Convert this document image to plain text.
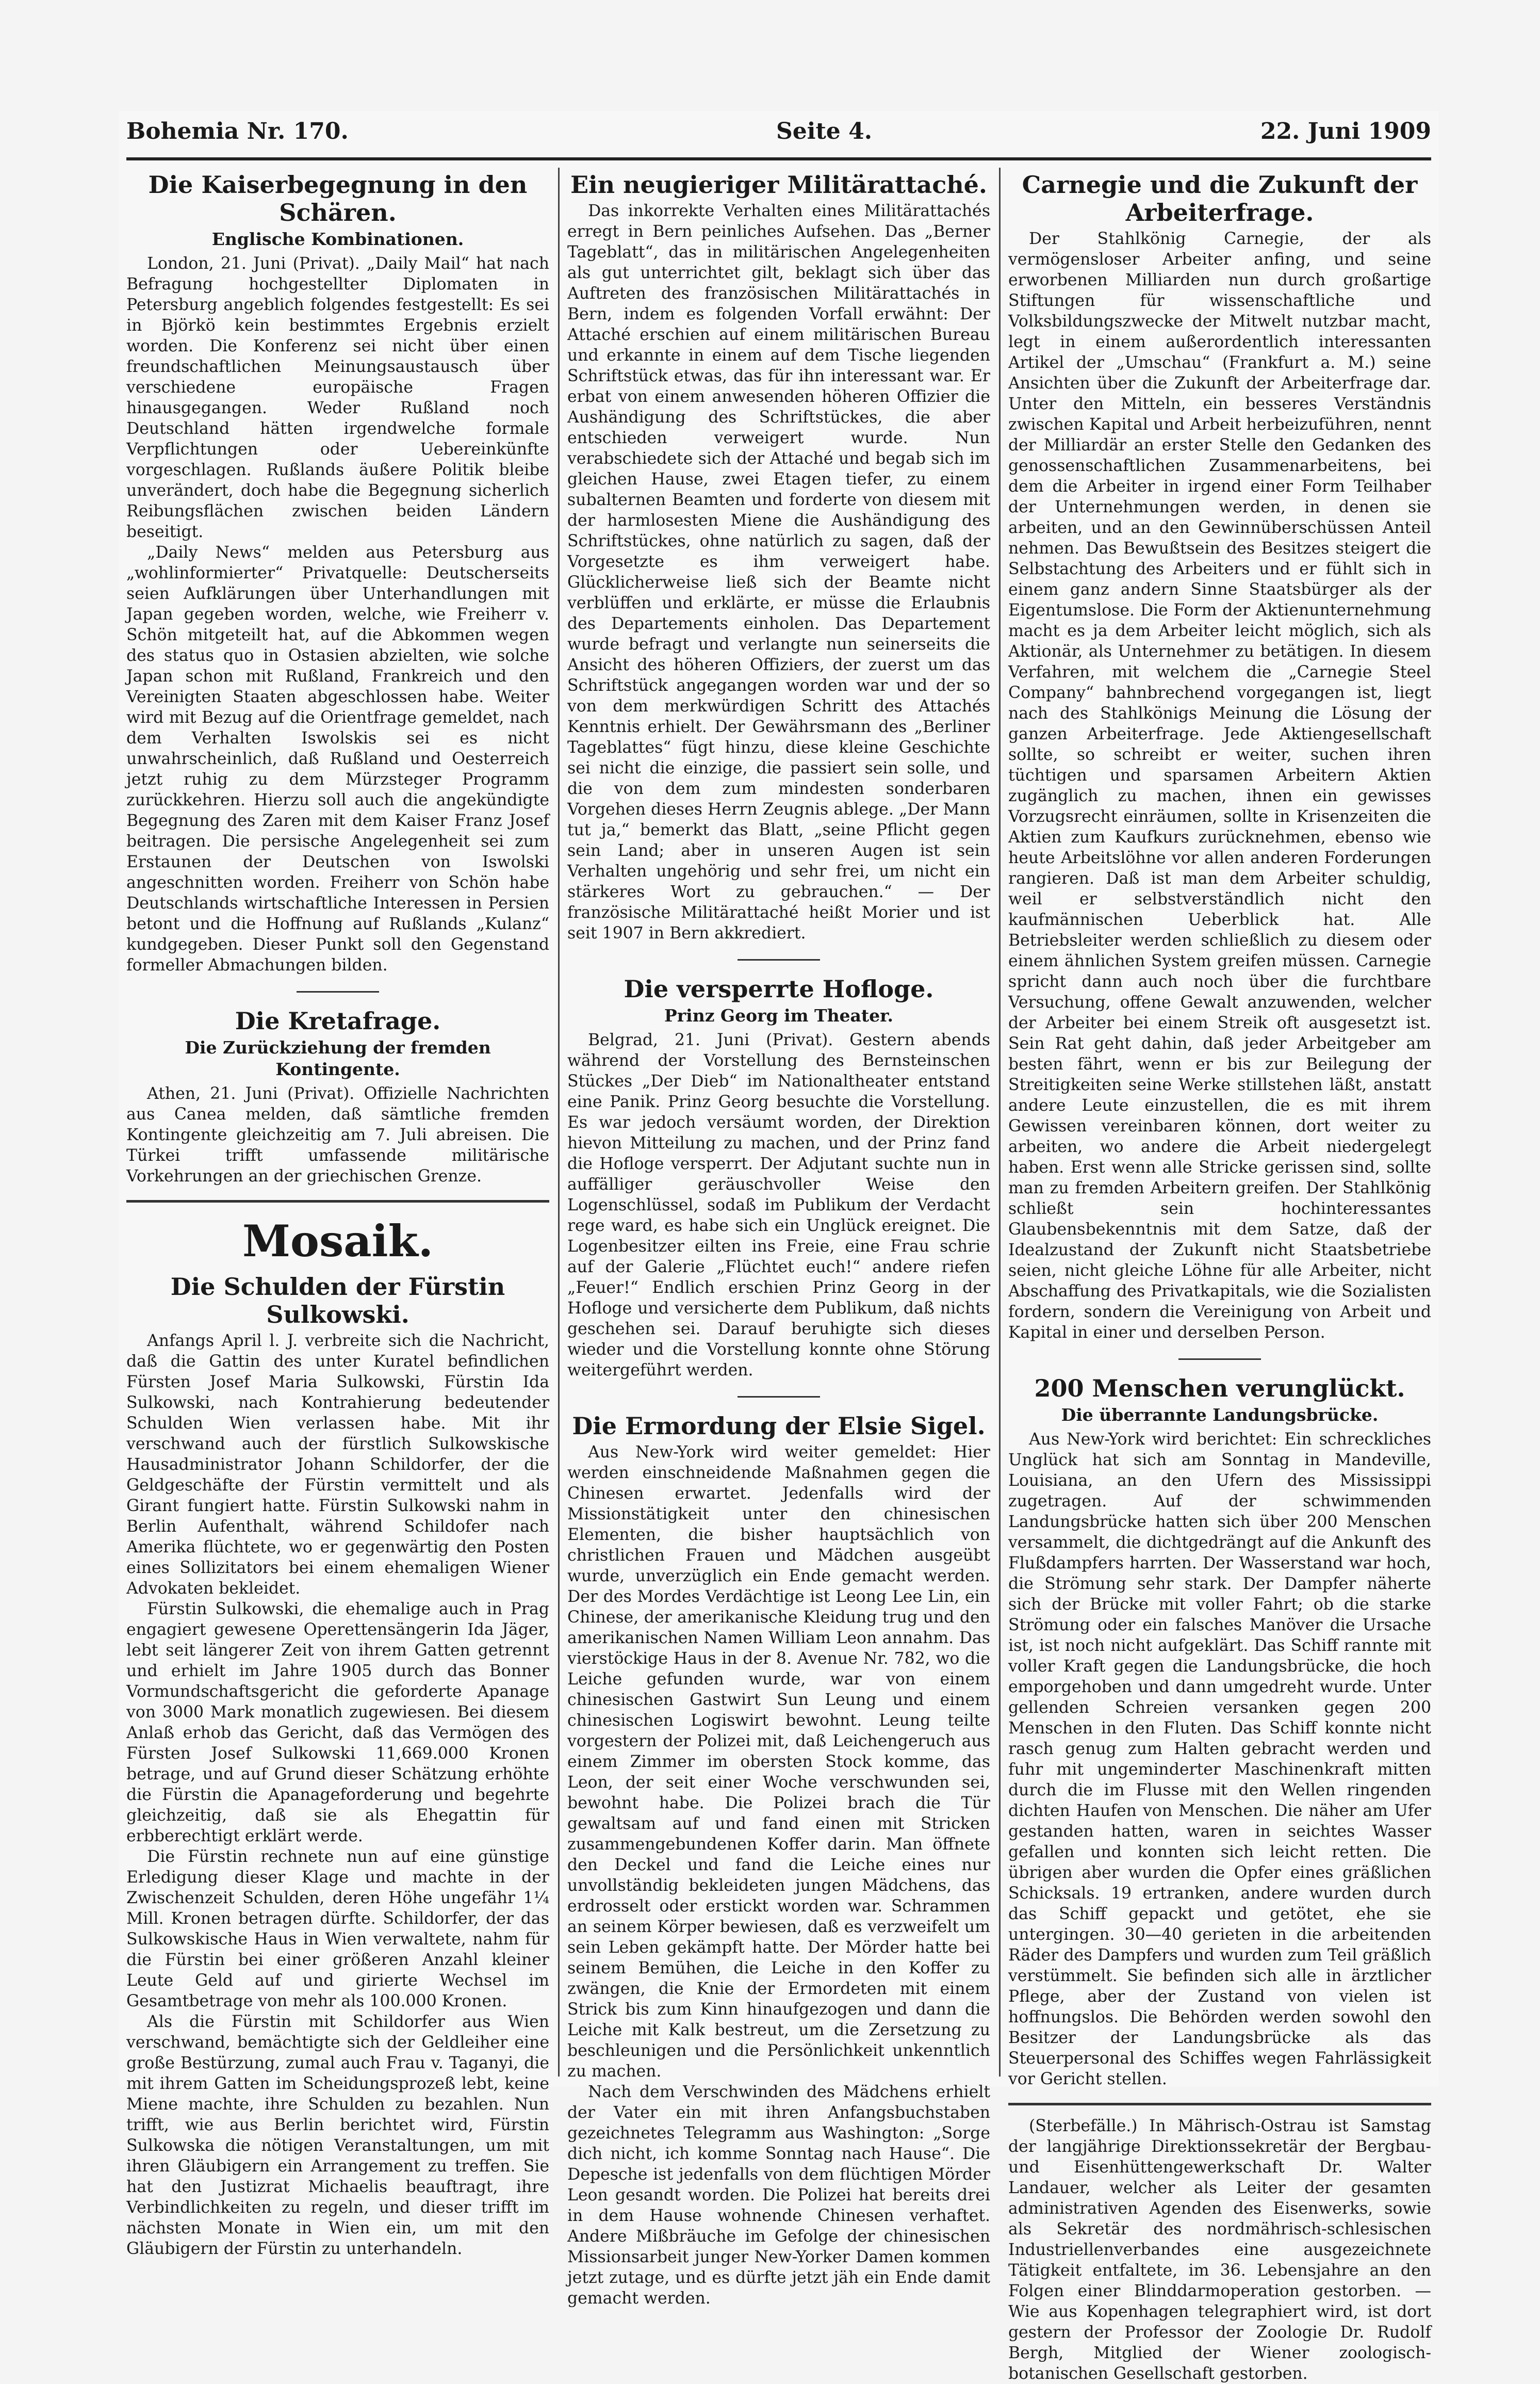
Bohemia Nr. 170.	Seite 4.	22. Juni 1909
Die Kaiserbegegnung in den Schären.
Englische Kombinationen.

London, 21. Juni (Privat). „Daily Mail“ hat nach Befragung hochgestellter Diplomaten in Petersburg angeblich folgendes festgestellt: Es sei in Björkö kein bestimmtes Ergebnis erzielt worden. Die Konferenz sei nicht über einen freundschaftlichen Meinungsaustausch über verschiedene europäische Fragen hinausgegangen. Weder Rußland noch Deutschland hätten irgendwelche formale Verpflichtungen oder Uebereinkünfte vorgeschlagen. Rußlands äußere Politik bleibe unverändert, doch habe die Begegnung sicherlich Reibungsflächen zwischen beiden Ländern beseitigt.

„Daily News“ melden aus Petersburg aus „wohlinformierter“ Privatquelle: Deutscherseits seien Aufklärungen über Unterhandlungen mit Japan gegeben worden, welche, wie Freiherr v. Schön mitgeteilt hat, auf die Abkommen wegen des status quo in Ostasien abzielten, wie solche Japan schon mit Rußland, Frankreich und den Vereinigten Staaten abgeschlossen habe. Weiter wird mit Bezug auf die Orientfrage gemeldet, nach dem Verhalten Iswolskis sei es nicht unwahrscheinlich, daß Rußland und Oesterreich jetzt ruhig zu dem Mürzsteger Programm zurückkehren. Hierzu soll auch die angekündigte Begegnung des Zaren mit dem Kaiser Franz Josef beitragen. Die persische Angelegenheit sei zum Erstaunen der Deutschen von Iswolski angeschnitten worden. Freiherr von Schön habe Deutschlands wirtschaftliche Interessen in Persien betont und die Hoffnung auf Rußlands „Kulanz“ kundgegeben. Dieser Punkt soll den Gegenstand formeller Abmachungen bilden.

Die Kretafrage.
Die Zurückziehung der fremden Kontingente.

Athen, 21. Juni (Privat). Offizielle Nachrichten aus Canea melden, daß sämtliche fremden Kontingente gleichzeitig am 7. Juli abreisen. Die Türkei trifft umfassende militärische Vorkehrungen an der griechischen Grenze.

Mosaik.
Die Schulden der Fürstin Sulkowski.

Anfangs April l. J. verbreite sich die Nachricht, daß die Gattin des unter Kuratel befindlichen Fürsten Josef Maria Sulkowski, Fürstin Ida Sulkowski, nach Kontrahierung bedeutender Schulden Wien verlassen habe. Mit ihr verschwand auch der fürstlich Sulkowskische Hausadministrator Johann Schildorfer, der die Geldgeschäfte der Fürstin vermittelt und als Girant fungiert hatte. Fürstin Sulkowski nahm in Berlin Aufenthalt, während Schildofer nach Amerika flüchtete, wo er gegenwärtig den Posten eines Sollizitators bei einem ehemaligen Wiener Advokaten bekleidet.

Fürstin Sulkowski, die ehemalige auch in Prag engagiert gewesene Operettensängerin Ida Jäger, lebt seit längerer Zeit von ihrem Gatten getrennt und erhielt im Jahre 1905 durch das Bonner Vormundschaftsgericht die geforderte Apanage von 3000 Mark monatlich zugewiesen. Bei diesem Anlaß erhob das Gericht, daß das Vermögen des Fürsten Josef Sulkowski 11,669.000 Kronen betrage, und auf Grund dieser Schätzung erhöhte die Fürstin die Apanageforderung und begehrte gleichzeitig, daß sie als Ehegattin für erbberechtigt erklärt werde.

Die Fürstin rechnete nun auf eine günstige Erledigung dieser Klage und machte in der Zwischenzeit Schulden, deren Höhe ungefähr 1¼ Mill. Kronen betragen dürfte. Schildorfer, der das Sulkowskische Haus in Wien verwaltete, nahm für die Fürstin bei einer größeren Anzahl kleiner Leute Geld auf und girierte Wechsel im Gesamtbetrage von mehr als 100.000 Kronen.

Als die Fürstin mit Schildorfer aus Wien verschwand, bemächtigte sich der Geldleiher eine große Bestürzung, zumal auch Frau v. Taganyi, die mit ihrem Gatten im Scheidungsprozeß lebt, keine Miene machte, ihre Schulden zu bezahlen. Nun trifft, wie aus Berlin berichtet wird, Fürstin Sulkowska die nötigen Veranstaltungen, um mit ihren Gläubigern ein Arrangement zu treffen. Sie hat den Justizrat Michaelis beauftragt, ihre Verbindlichkeiten zu regeln, und dieser trifft im nächsten Monate in Wien ein, um mit den Gläubigern der Fürstin zu unterhandeln.

Ein neugieriger Militärattaché.

Das inkorrekte Verhalten eines Militärattachés erregt in Bern peinliches Aufsehen. Das „Berner Tageblatt“, das in militärischen Angelegenheiten als gut unterrichtet gilt, beklagt sich über das Auftreten des französischen Militärattachés in Bern, indem es folgenden Vorfall erwähnt: Der Attaché erschien auf einem militärischen Bureau und erkannte in einem auf dem Tische liegenden Schriftstück etwas, das für ihn interessant war. Er erbat von einem anwesenden höheren Offizier die Aushändigung des Schriftstückes, die aber entschieden verweigert wurde. Nun verabschiedete sich der Attaché und begab sich im gleichen Hause, zwei Etagen tiefer, zu einem subalternen Beamten und forderte von diesem mit der harmlosesten Miene die Aushändigung des Schriftstückes, ohne natürlich zu sagen, daß der Vorgesetzte es ihm verweigert habe. Glücklicherweise ließ sich der Beamte nicht verblüffen und erklärte, er müsse die Erlaubnis des Departements einholen. Das Departement wurde befragt und verlangte nun seinerseits die Ansicht des höheren Offiziers, der zuerst um das Schriftstück angegangen worden war und der so von dem merkwürdigen Schritt des Attachés Kenntnis erhielt. Der Gewährsmann des „Berliner Tageblattes“ fügt hinzu, diese kleine Geschichte sei nicht die einzige, die passiert sein solle, und die von dem zum mindesten sonderbaren Vorgehen dieses Herrn Zeugnis ablege. „Der Mann tut ja,“ bemerkt das Blatt, „seine Pflicht gegen sein Land; aber in unseren Augen ist sein Verhalten ungehörig und sehr frei, um nicht ein stärkeres Wort zu gebrauchen.“ — Der französische Militärattaché heißt Morier und ist seit 1907 in Bern akkrediert.

Die versperrte Hofloge.
Prinz Georg im Theater.

Belgrad, 21. Juni (Privat). Gestern abends während der Vorstellung des Bernsteinschen Stückes „Der Dieb“ im Nationaltheater entstand eine Panik. Prinz Georg besuchte die Vorstellung. Es war jedoch versäumt worden, der Direktion hievon Mitteilung zu machen, und der Prinz fand die Hofloge versperrt. Der Adjutant suchte nun in auffälliger geräuschvoller Weise den Logenschlüssel, sodaß im Publikum der Verdacht rege ward, es habe sich ein Unglück ereignet. Die Logenbesitzer eilten ins Freie, eine Frau schrie auf der Galerie „Flüchtet euch!“ andere riefen „Feuer!“ Endlich erschien Prinz Georg in der Hofloge und versicherte dem Publikum, daß nichts geschehen sei. Darauf beruhigte sich dieses wieder und die Vorstellung konnte ohne Störung weitergeführt werden.

Die Ermordung der Elsie Sigel.

Aus New-York wird weiter gemeldet: Hier werden einschneidende Maßnahmen gegen die Chinesen erwartet. Jedenfalls wird der Missionstätigkeit unter den chinesischen Elementen, die bisher hauptsächlich von christlichen Frauen und Mädchen ausgeübt wurde, unverzüglich ein Ende gemacht werden. Der des Mordes Verdächtige ist Leong Lee Lin, ein Chinese, der amerikanische Kleidung trug und den amerikanischen Namen William Leon annahm. Das vierstöckige Haus in der 8. Avenue Nr. 782, wo die Leiche gefunden wurde, war von einem chinesischen Gastwirt Sun Leung und einem chinesischen Logiswirt bewohnt. Leung teilte vorgestern der Polizei mit, daß Leichengeruch aus einem Zimmer im obersten Stock komme, das Leon, der seit einer Woche verschwunden sei, bewohnt habe. Die Polizei brach die Tür gewaltsam auf und fand einen mit Stricken zusammengebundenen Koffer darin. Man öffnete den Deckel und fand die Leiche eines nur unvollständig bekleideten jungen Mädchens, das erdrosselt oder erstickt worden war. Schrammen an seinem Körper bewiesen, daß es verzweifelt um sein Leben gekämpft hatte. Der Mörder hatte bei seinem Bemühen, die Leiche in den Koffer zu zwängen, die Knie der Ermordeten mit einem Strick bis zum Kinn hinaufgezogen und dann die Leiche mit Kalk bestreut, um die Zersetzung zu beschleunigen und die Persönlichkeit unkenntlich zu machen.

Nach dem Verschwinden des Mädchens erhielt der Vater ein mit ihren Anfangsbuchstaben gezeichnetes Telegramm aus Washington: „Sorge dich nicht, ich komme Sonntag nach Hause“. Die Depesche ist jedenfalls von dem flüchtigen Mörder Leon gesandt worden. Die Polizei hat bereits drei in dem Hause wohnende Chinesen verhaftet. Andere Mißbräuche im Gefolge der chinesischen Missionsarbeit junger New-Yorker Damen kommen jetzt zutage, und es dürfte jetzt jäh ein Ende damit gemacht werden.

Carnegie und die Zukunft der Arbeiterfrage.

Der Stahlkönig Carnegie, der als vermögensloser Arbeiter anfing, und seine erworbenen Milliarden nun durch großartige Stiftungen für wissenschaftliche und Volksbildungszwecke der Mitwelt nutzbar macht, legt in einem außerordentlich interessanten Artikel der „Umschau“ (Frankfurt a. M.) seine Ansichten über die Zukunft der Arbeiterfrage dar. Unter den Mitteln, ein besseres Verständnis zwischen Kapital und Arbeit herbeizuführen, nennt der Milliardär an erster Stelle den Gedanken des genossenschaftlichen Zusammenarbeitens, bei dem die Arbeiter in irgend einer Form Teilhaber der Unternehmungen werden, in denen sie arbeiten, und an den Gewinnüberschüssen Anteil nehmen. Das Bewußtsein des Besitzes steigert die Selbstachtung des Arbeiters und er fühlt sich in einem ganz andern Sinne Staatsbürger als der Eigentumslose. Die Form der Aktienunternehmung macht es ja dem Arbeiter leicht möglich, sich als Aktionär, als Unternehmer zu betätigen. In diesem Verfahren, mit welchem die „Carnegie Steel Company“ bahnbrechend vorgegangen ist, liegt nach des Stahlkönigs Meinung die Lösung der ganzen Arbeiterfrage. Jede Aktiengesellschaft sollte, so schreibt er weiter, suchen ihren tüchtigen und sparsamen Arbeitern Aktien zugänglich zu machen, ihnen ein gewisses Vorzugsrecht einräumen, sollte in Krisenzeiten die Aktien zum Kaufkurs zurücknehmen, ebenso wie heute Arbeitslöhne vor allen anderen Forderungen rangieren. Daß ist man dem Arbeiter schuldig, weil er selbstverständlich nicht den kaufmännischen Ueberblick hat. Alle Betriebsleiter werden schließlich zu diesem oder einem ähnlichen System greifen müssen. Carnegie spricht dann auch noch über die furchtbare Versuchung, offene Gewalt anzuwenden, welcher der Arbeiter bei einem Streik oft ausgesetzt ist. Sein Rat geht dahin, daß jeder Arbeitgeber am besten fährt, wenn er bis zur Beilegung der Streitigkeiten seine Werke stillstehen läßt, anstatt andere Leute einzustellen, die es mit ihrem Gewissen vereinbaren können, dort weiter zu arbeiten, wo andere die Arbeit niedergelegt haben. Erst wenn alle Stricke gerissen sind, sollte man zu fremden Arbeitern greifen. Der Stahlkönig schließt sein hochinteressantes Glaubensbekenntnis mit dem Satze, daß der Idealzustand der Zukunft nicht Staatsbetriebe seien, nicht gleiche Löhne für alle Arbeiter, nicht Abschaffung des Privatkapitals, wie die Sozialisten fordern, sondern die Vereinigung von Arbeit und Kapital in einer und derselben Person.

200 Menschen verunglückt.
Die überrannte Landungsbrücke.

Aus New-York wird berichtet: Ein schreckliches Unglück hat sich am Sonntag in Mandeville, Louisiana, an den Ufern des Mississippi zugetragen. Auf der schwimmenden Landungsbrücke hatten sich über 200 Menschen versammelt, die dichtgedrängt auf die Ankunft des Flußdampfers harrten. Der Wasserstand war hoch, die Strömung sehr stark. Der Dampfer näherte sich der Brücke mit voller Fahrt; ob die starke Strömung oder ein falsches Manöver die Ursache ist, ist noch nicht aufgeklärt. Das Schiff rannte mit voller Kraft gegen die Landungsbrücke, die hoch emporgehoben und dann umgedreht wurde. Unter gellenden Schreien versanken gegen 200 Menschen in den Fluten. Das Schiff konnte nicht rasch genug zum Halten gebracht werden und fuhr mit ungeminderter Maschinenkraft mitten durch die im Flusse mit den Wellen ringenden dichten Haufen von Menschen. Die näher am Ufer gestanden hatten, waren in seichtes Wasser gefallen und konnten sich leicht retten. Die übrigen aber wurden die Opfer eines gräßlichen Schicksals. 19 ertranken, andere wurden durch das Schiff gepackt und getötet, ehe sie untergingen. 30—40 gerieten in die arbeitenden Räder des Dampfers und wurden zum Teil gräßlich verstümmelt. Sie befinden sich alle in ärztlicher Pflege, aber der Zustand von vielen ist hoffnungslos. Die Behörden werden sowohl den Besitzer der Landungsbrücke als das Steuerpersonal des Schiffes wegen Fahrlässigkeit vor Gericht stellen.

(Sterbefälle.) In Mährisch-Ostrau ist Samstag der langjährige Direktionssekretär der Bergbau- und Eisenhüttengewerkschaft Dr. Walter Landauer, welcher als Leiter der gesamten administrativen Agenden des Eisenwerks, sowie als Sekretär des nordmährisch-schlesischen Industriellenverbandes eine ausgezeichnete Tätigkeit entfaltete, im 36. Lebensjahre an den Folgen einer Blinddarmoperation gestorben. — Wie aus Kopenhagen telegraphiert wird, ist dort gestern der Professor der Zoologie Dr. Rudolf Bergh, Mitglied der Wiener zoologisch-botanischen Gesellschaft gestorben.
